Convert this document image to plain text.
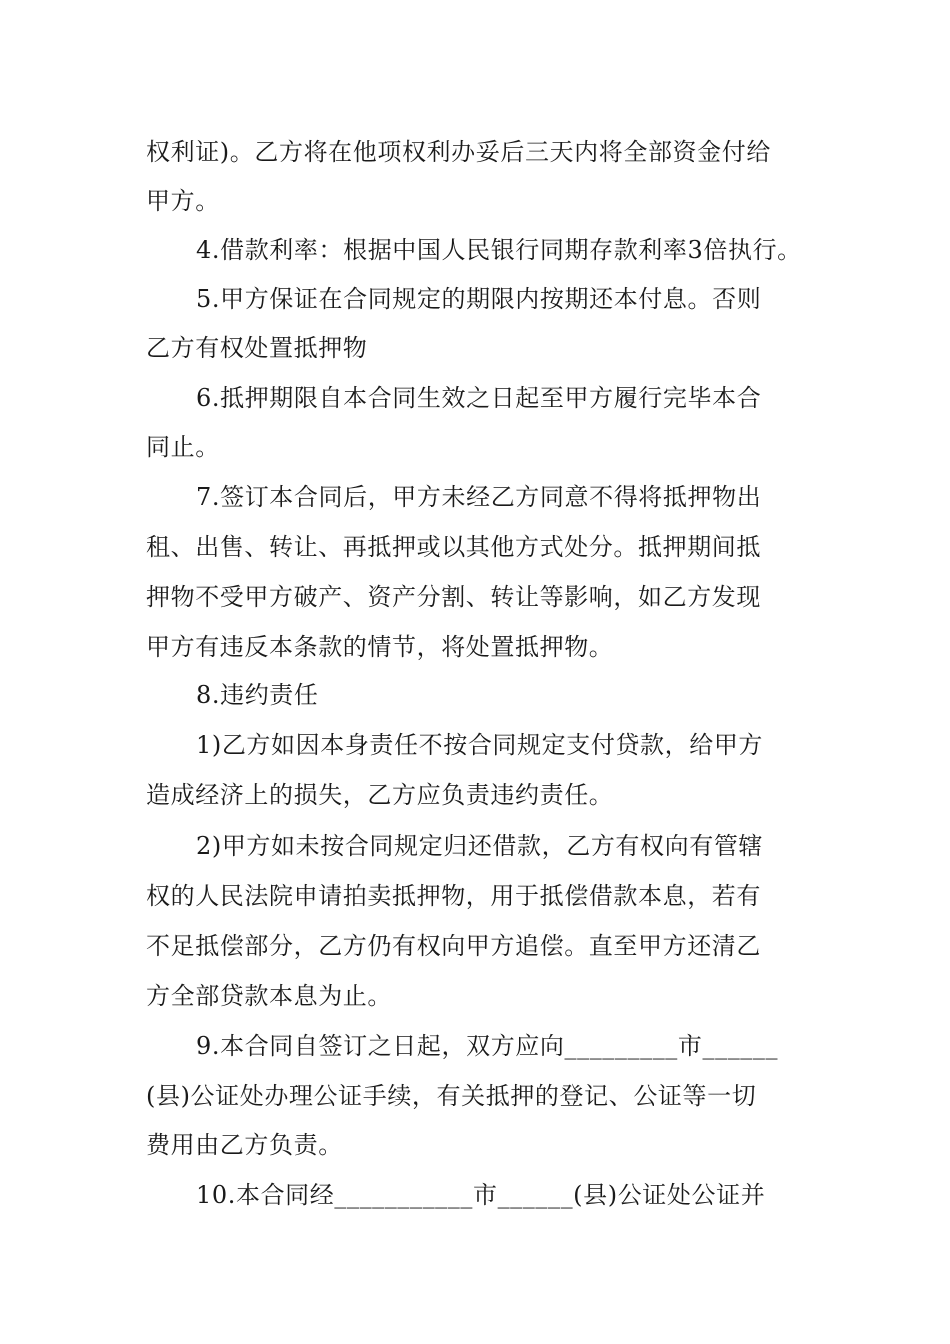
权利证)。乙方将在他项权利办妥后三天内将全部资金付给
甲方。
4.借款利率：根据中国人民银行同期存款利率3倍执行。
5.甲方保证在合同规定的期限内按期还本付息。否则
乙方有权处置抵押物
6.抵押期限自本合同生效之日起至甲方履行完毕本合
同止。
7.签订本合同后，甲方未经乙方同意不得将抵押物出
租、出售、转让、再抵押或以其他方式处分。抵押期间抵
押物不受甲方破产、资产分割、转让等影响，如乙方发现
甲方有违反本条款的情节，将处置抵押物。
8.违约责任
1)乙方如因本身责任不按合同规定支付贷款，给甲方
造成经济上的损失，乙方应负责违约责任。
2)甲方如未按合同规定归还借款，乙方有权向有管辖
权的人民法院申请拍卖抵押物，用于抵偿借款本息，若有
不足抵偿部分，乙方仍有权向甲方追偿。直至甲方还清乙
方全部贷款本息为止。
9.本合同自签订之日起，双方应向_________市______
(县)公证处办理公证手续，有关抵押的登记、公证等一切
费用由乙方负责。
10.本合同经___________市______(县)公证处公证并
